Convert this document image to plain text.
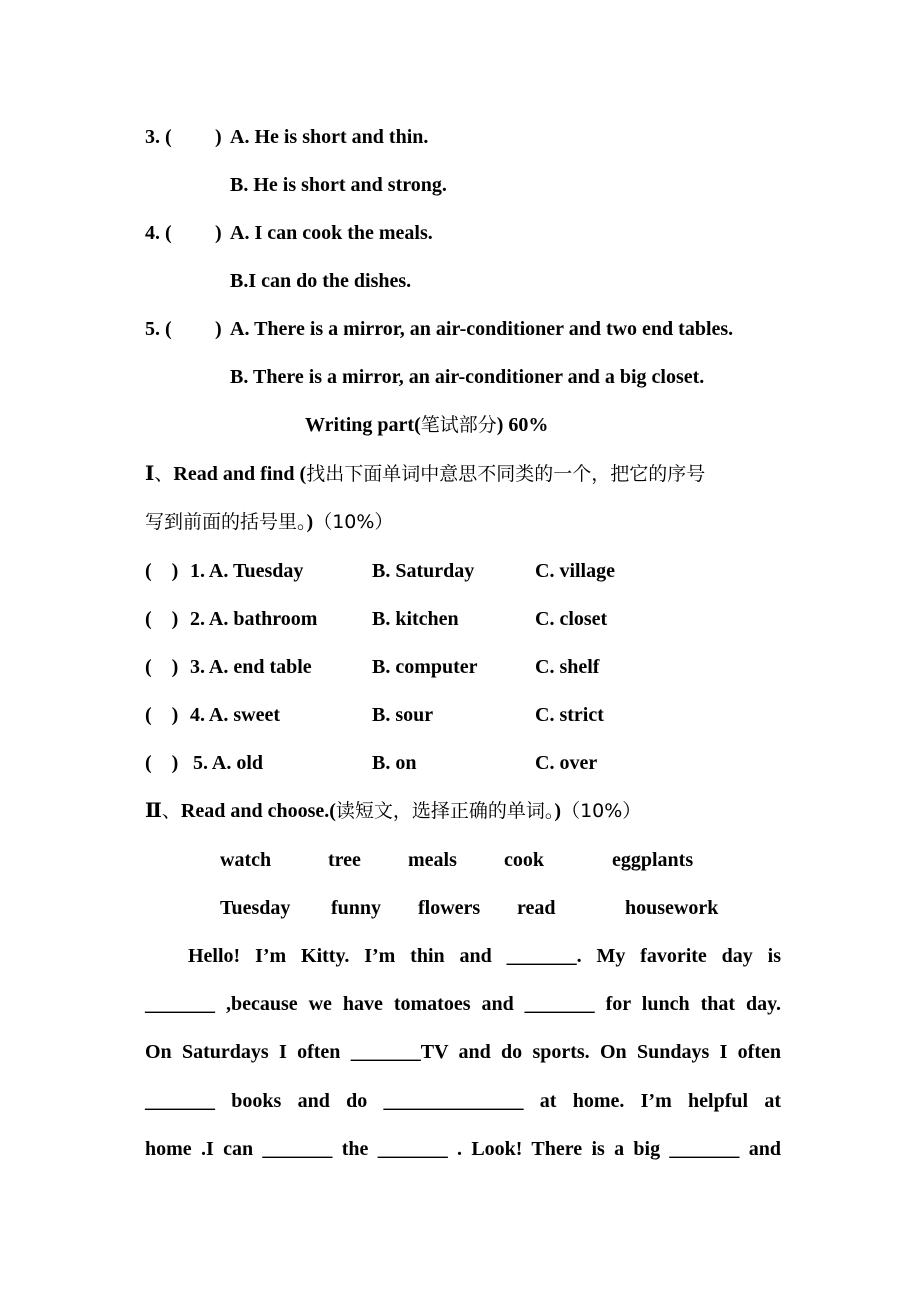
3. ( ) A. He is short and thin.
B. He is short and strong.
4. ( ) A. I can cook the meals.
B.I can do the dishes.
5. ( ) A. There is a mirror, an air-conditioner and two end tables.
B. There is a mirror, an air-conditioner and a big closet.
Writing part(笔试部分) 60%
Ⅰ、Read and find (找出下面单词中意思不同类的一个，把它的序号
写到前面的括号里。)（10%）
(    ) 1. A. Tuesday	B. Saturday	C. village
(    ) 2. A. bathroom	B. kitchen	C. closet
(    ) 3. A. end table	B. computer	C. shelf
(    ) 4. A. sweet	B. sour	C. strict
(    ) 5. A. old	B. on	C. over
Ⅱ、Read and choose.(读短文，选择正确的单词。)（10%）
watch	tree meals cook	eggplants
Tuesday funny flowers read	housework
Hello! I’m Kitty. I’m thin and _______. My favorite day is
_______ ,because we have tomatoes and _______ for lunch that day.
On Saturdays I often _______TV and do sports. On Sundays I often
_______ books and do ______________ at home. I’m helpful at
home .I can _______ the _______ . Look! There is a big _______ and
